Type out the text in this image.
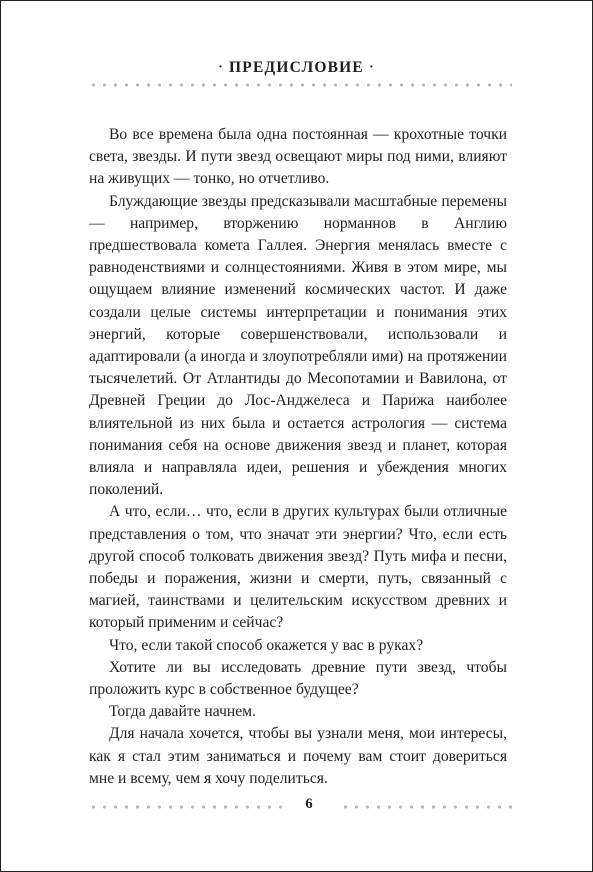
· ПРЕДИСЛОВИЕ ·

Во все времена была одна постоянная — крохотные точки света, звезды. И пути звезд освещают миры под ними, влияют на живущих — тонко, но отчетливо.

Блуждающие звезды предсказывали масштабные перемены — например, вторжению норманнов в Англию предшествовала комета Галлея. Энергия менялась вместе с равноденствиями и солнцестояниями. Живя в этом мире, мы ощущаем влияние изменений космических частот. И даже создали целые системы интерпретации и понимания этих энергий, которые совершенствовали, использовали и адаптировали (а иногда и злоупотребляли ими) на протяжении тысячелетий. От Атлантиды до Месопотамии и Вавилона, от Древней Греции до Лос-Анджелеса и Парижа наиболее влиятельной из них была и остается астрология — система понимания себя на основе движения звезд и планет, которая влияла и направляла идеи, решения и убеждения многих поколений.

А что, если… что, если в других культурах были отличные представления о том, что значат эти энергии? Что, если есть другой способ толковать движения звезд? Путь мифа и песни, победы и поражения, жизни и смерти, путь, связанный с магией, таинствами и целительским искусством древних и который применим и сейчас?

Что, если такой способ окажется у вас в руках?

Хотите ли вы исследовать древние пути звезд, чтобы проложить курс в собственное будущее?

Тогда давайте начнем.

Для начала хочется, чтобы вы узнали меня, мои интересы, как я стал этим заниматься и почему вам стоит довериться мне и всему, чем я хочу поделиться.

6
